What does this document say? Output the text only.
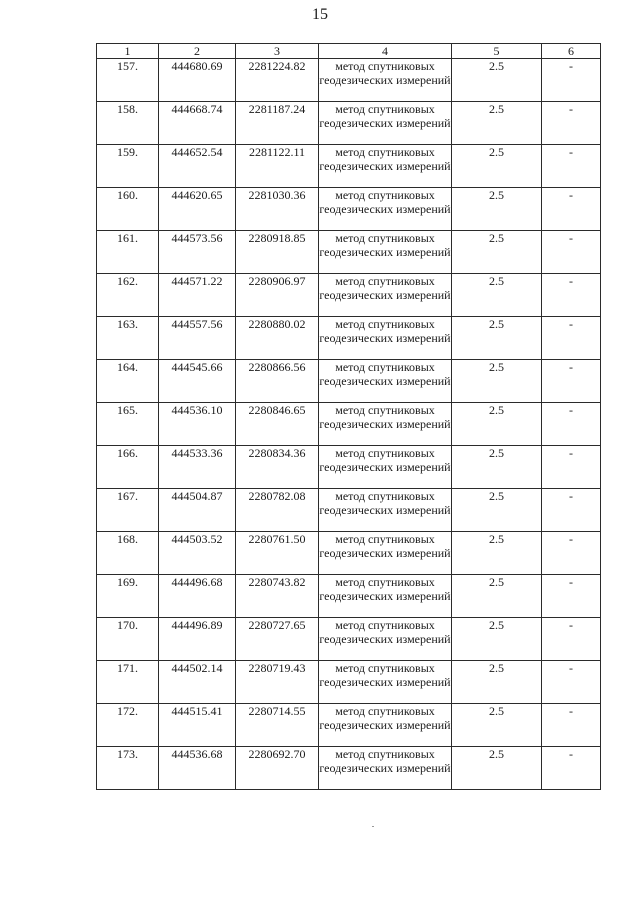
15
1	2	3	4	5	6
157.	444680.69	2281224.82	метод спутниковых геодезических измерений	2.5	-
158.	444668.74	2281187.24	метод спутниковых геодезических измерений	2.5	-
159.	444652.54	2281122.11	метод спутниковых геодезических измерений	2.5	-
160.	444620.65	2281030.36	метод спутниковых геодезических измерений	2.5	-
161.	444573.56	2280918.85	метод спутниковых геодезических измерений	2.5	-
162.	444571.22	2280906.97	метод спутниковых геодезических измерений	2.5	-
163.	444557.56	2280880.02	метод спутниковых геодезических измерений	2.5	-
164.	444545.66	2280866.56	метод спутниковых геодезических измерений	2.5	-
165.	444536.10	2280846.65	метод спутниковых геодезических измерений	2.5	-
166.	444533.36	2280834.36	метод спутниковых геодезических измерений	2.5	-
167.	444504.87	2280782.08	метод спутниковых геодезических измерений	2.5	-
168.	444503.52	2280761.50	метод спутниковых геодезических измерений	2.5	-
169.	444496.68	2280743.82	метод спутниковых геодезических измерений	2.5	-
170.	444496.89	2280727.65	метод спутниковых геодезических измерений	2.5	-
171.	444502.14	2280719.43	метод спутниковых геодезических измерений	2.5	-
172.	444515.41	2280714.55	метод спутниковых геодезических измерений	2.5	-
173.	444536.68	2280692.70	метод спутниковых геодезических измерений	2.5	-
